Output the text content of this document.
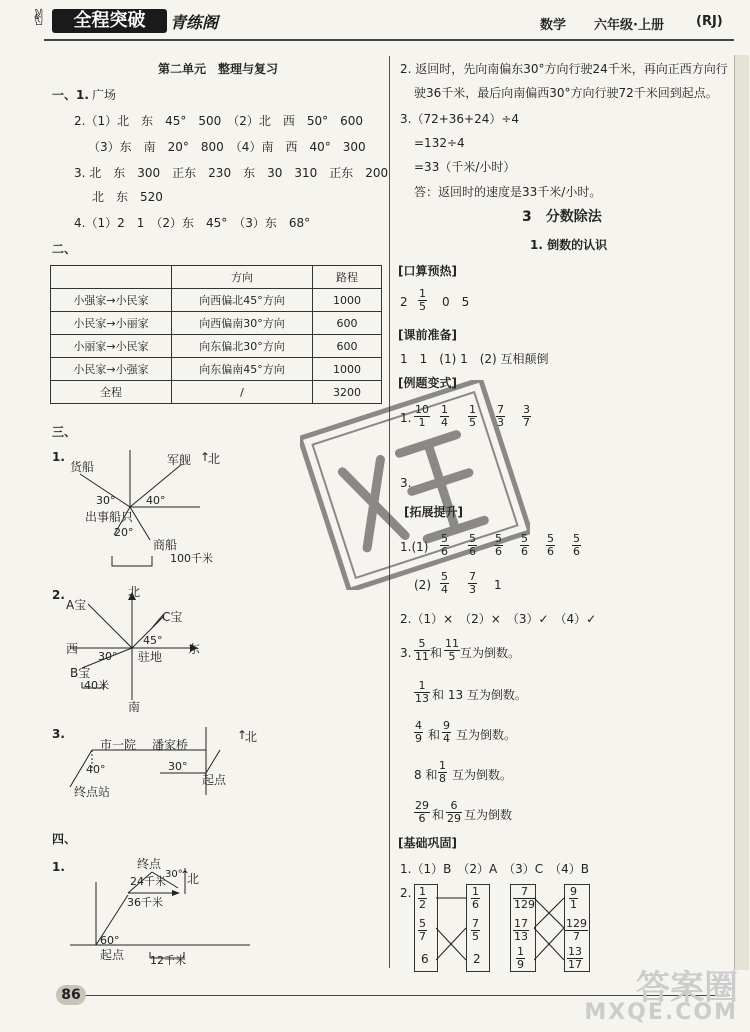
✌	全程突破	青练阁	数学 六年级·上册 (RJ)
第二单元　整理与复习
一、1. 广场
2.（1）北　东　45°　500　（2）北　西　50°　600
（3）东　南　20°　800　（4）南　西　40°　300
3. 北　东　300　正东　230　东　30　310　正东　200
北　东　520
4.（1）2　1　（2）东　45°　（3）东　68°
二、
	方向	路程
小强家→小民家	向西偏北45°方向	1000
小民家→小丽家	向西偏南30°方向	600
小丽家→小民家	向东偏北30°方向	600
小民家→小强家	向东偏南45°方向	1000
全程	/	3200
三、
1.	↑
北
货船	军舰
30°	40°
出事船只
20°
商船
100千米
2.	北
A宝
C宝
西	东
30°
45°
驻地
B宝
40米
南
3.	↑
北
市一院 潘家桥
40°	30°
起点
终点站
四、
1.	终点
↑
北
30°
24千米
36千米
60°
起点 12千米
2. 返回时，先向南偏东30°方向行驶24千米，再向正西方向行
驶36千米，最后向南偏西30°方向行驶72千米回到起点。
3.（72+36+24）÷4
=132÷4
=33（千米/小时）
答：返回时的速度是33千米/小时。
3　分数除法
1. 倒数的认识
[口算预热]
$2 \frac{1}{5} 0$　5
[课前准备]
1　1　(1) 1　(2) 互相颠倒
[例题变式]
1. $\frac{10}{1} \frac{1}{4} \frac{1}{5} \frac{7}{3} \frac{3}{7}$
3.
[拓展提升]
$1.(1) \frac{5}{6} \frac{5}{6} \frac{5}{6} \frac{5}{6} \frac{5}{6} \frac{5}{6}$
$(2) \frac{5}{4} \frac{7}{3} 1$
2.（1）×　（2）×　（3）✓　（4）✓
3. $\frac{5}{11}$ 和 $\frac{11}{5}$ 互为倒数。
$\frac{1}{13}$ 和 13 互为倒数。
$\frac{4}{9}$ 和 $\frac{9}{4}$ 互为倒数。
8 和 $\frac{1}{8}$ 互为倒数。
$\frac{29}{6}$ 和 $\frac{6}{29}$ 互为倒数
[基础巩固]
1.（1）B　（2）A　（3）C　（4）B
2. $\frac{1}{2}$
$\frac{5}{7}$
6
$\frac{1}{6}$
$\frac{7}{5}$
2
$\frac{7}{129}$
$\frac{17}{13}$
$\frac{1}{9}$
$\frac{9}{1}$
$\frac{129}{7}$
$\frac{13}{17}$
86	答案圈
MXQE.COM
